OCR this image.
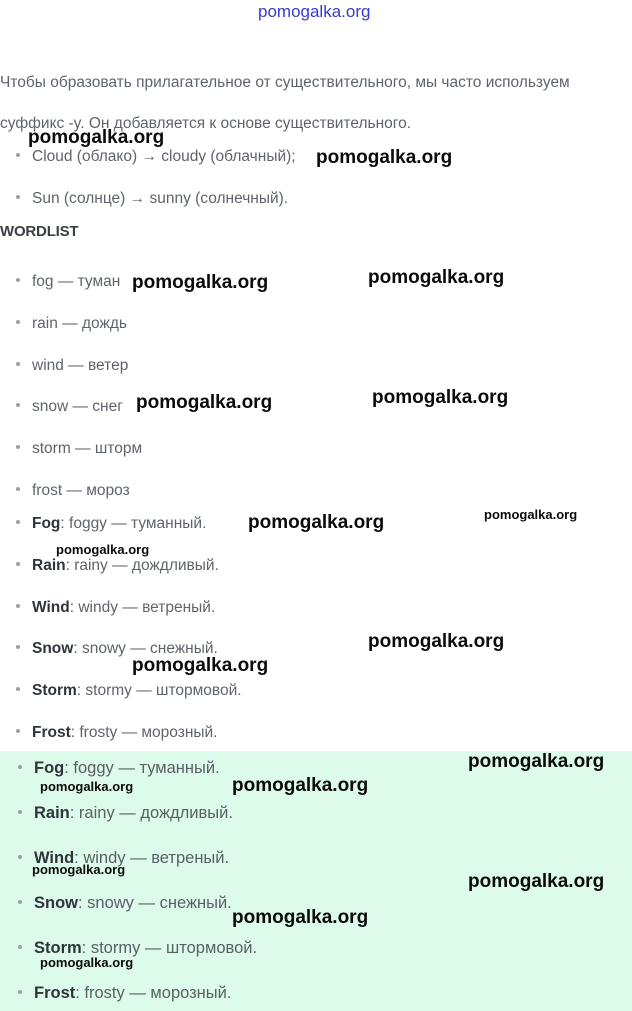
pomogalka.org
Чтобы образовать прилагательное от существительного, мы часто используем
суффикс -y. Он добавляется к основе существительного.
Cloud (облако) → cloudy (облачный);
Sun (солнце) → sunny (солнечный).
WORDLIST
fog — туман
rain — дождь
wind — ветер
snow — снег
storm — шторм
frost — мороз
Fog: foggy — туманный.
Rain: rainy — дождливый.
Wind: windy — ветреный.
Snow: snowy — снежный.
Storm: stormy — штормовой.
Frost: frosty — морозный.
Fog: foggy — туманный.
Rain: rainy — дождливый.
Wind: windy — ветреный.
Snow: snowy — снежный.
Storm: stormy — штормовой.
Frost: frosty — морозный.
pomogalka.org
pomogalka.org
pomogalka.org	pomogalka.org
pomogalka.org	pomogalka.org
pomogalka.org	pomogalka.org
pomogalka.org
pomogalka.org
pomogalka.org
pomogalka.org
pomogalka.org
pomogalka.org
pomogalka.org
pomogalka.org
pomogalka.org
pomogalka.org
